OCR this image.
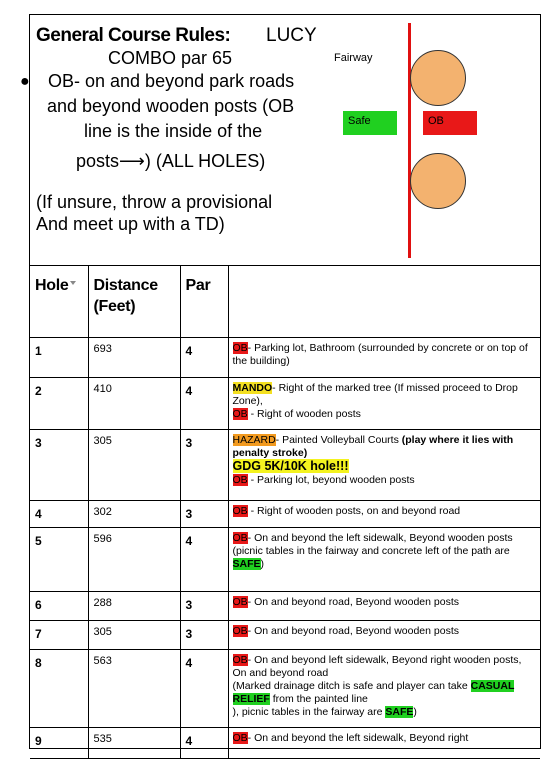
General Course Rules: LUCY
COMBO par 65
● OB- on and beyond park roads
and beyond wooden posts (OB
line is the inside of the
posts⟶) (ALL HOLES)
(If unsure, throw a provisional
And meet up with a TD)
Fairway
Safe	OB
Hole	Distance
(Feet)	Par	
1	693	4	OB- Parking lot, Bathroom (surrounded by concrete or on top of the building)
2	410	4	MANDO- Right of the marked tree (If missed proceed to Drop Zone),
OB - Right of wooden posts
3	305	3	HAZARD- Painted Volleyball Courts (play where it lies with penalty stroke)
GDG 5K/10K hole!!!
OB - Parking lot, beyond wooden posts
4	302	3	OB - Right of wooden posts, on and beyond road
5	596	4	OB- On and beyond the left sidewalk, Beyond wooden posts
(picnic tables in the fairway and concrete left of the path are SAFE)
6	288	3	OB- On and beyond road, Beyond wooden posts
7	305	3	OB- On and beyond road, Beyond wooden posts
8	563	4	OB- On and beyond left sidewalk, Beyond right wooden posts, On and beyond road
(Marked drainage ditch is safe and player can take CASUAL RELIEF from the painted line
), picnic tables in the fairway are SAFE)
9	535	4	OB- On and beyond the left sidewalk, Beyond right
